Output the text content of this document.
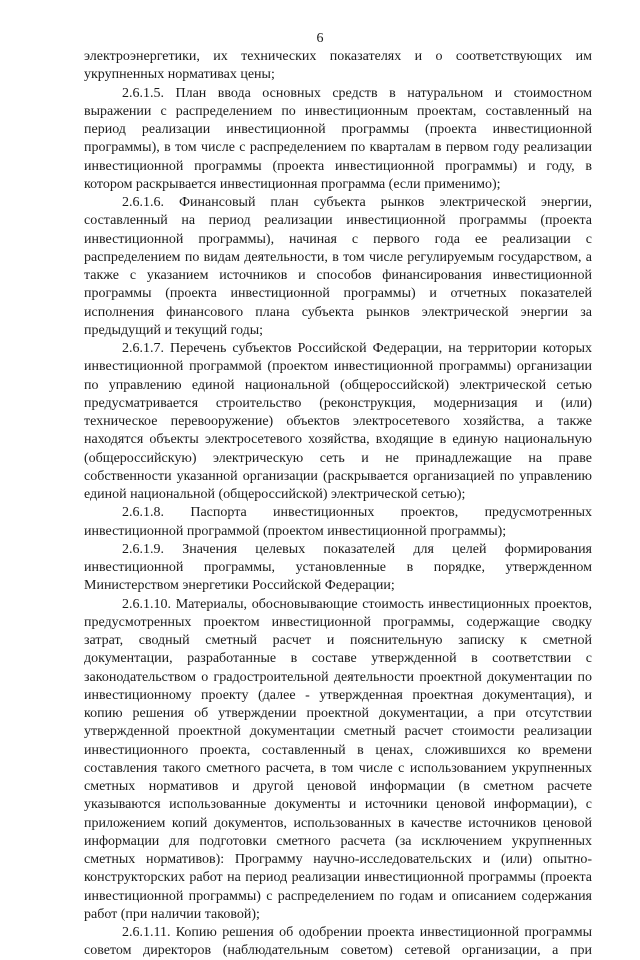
6
электроэнергетики, их технических показателях и о соответствующих им
укрупненных нормативах цены;
2.6.1.5. План ввода основных средств в натуральном и стоимостном
выражении с распределением по инвестиционным проектам, составленный на
период реализации инвестиционной программы (проекта инвестиционной
программы), в том числе с распределением по кварталам в первом году реализации
инвестиционной программы (проекта инвестиционной программы) и году, в
котором раскрывается инвестиционная программа (если применимо);
2.6.1.6. Финансовый план субъекта рынков электрической энергии,
составленный на период реализации инвестиционной программы (проекта
инвестиционной программы), начиная с первого года ее реализации с
распределением по видам деятельности, в том числе регулируемым государством, а
также с указанием источников и способов финансирования инвестиционной
программы (проекта инвестиционной программы) и отчетных показателей
исполнения финансового плана субъекта рынков электрической энергии за
предыдущий и текущий годы;
2.6.1.7. Перечень субъектов Российской Федерации, на территории которых
инвестиционной программой (проектом инвестиционной программы) организации
по управлению единой национальной (общероссийской) электрической сетью
предусматривается строительство (реконструкция, модернизация и (или)
техническое перевооружение) объектов электросетевого хозяйства, а также
находятся объекты электросетевого хозяйства, входящие в единую национальную
(общероссийскую) электрическую сеть и не принадлежащие на праве
собственности указанной организации (раскрывается организацией по управлению
единой национальной (общероссийской) электрической сетью);
2.6.1.8. Паспорта инвестиционных проектов, предусмотренных
инвестиционной программой (проектом инвестиционной программы);
2.6.1.9. Значения целевых показателей для целей формирования
инвестиционной программы, установленные в порядке, утвержденном
Министерством энергетики Российской Федерации;
2.6.1.10. Материалы, обосновывающие стоимость инвестиционных проектов,
предусмотренных проектом инвестиционной программы, содержащие сводку
затрат, сводный сметный расчет и пояснительную записку к сметной
документации, разработанные в составе утвержденной в соответствии с
законодательством о градостроительной деятельности проектной документации по
инвестиционному проекту (далее - утвержденная проектная документация), и
копию решения об утверждении проектной документации, а при отсутствии
утвержденной проектной документации сметный расчет стоимости реализации
инвестиционного проекта, составленный в ценах, сложившихся ко времени
составления такого сметного расчета, в том числе с использованием укрупненных
сметных нормативов и другой ценовой информации (в сметном расчете
указываются использованные документы и источники ценовой информации), с
приложением копий документов, использованных в качестве источников ценовой
информации для подготовки сметного расчета (за исключением укрупненных
сметных нормативов): Программу научно-исследовательских и (или) опытно-
конструкторских работ на период реализации инвестиционной программы (проекта
инвестиционной программы) с распределением по годам и описанием содержания
работ (при наличии таковой);
2.6.1.11. Копию решения об одобрении проекта инвестиционной программы
советом директоров (наблюдательным советом) сетевой организации, а при
